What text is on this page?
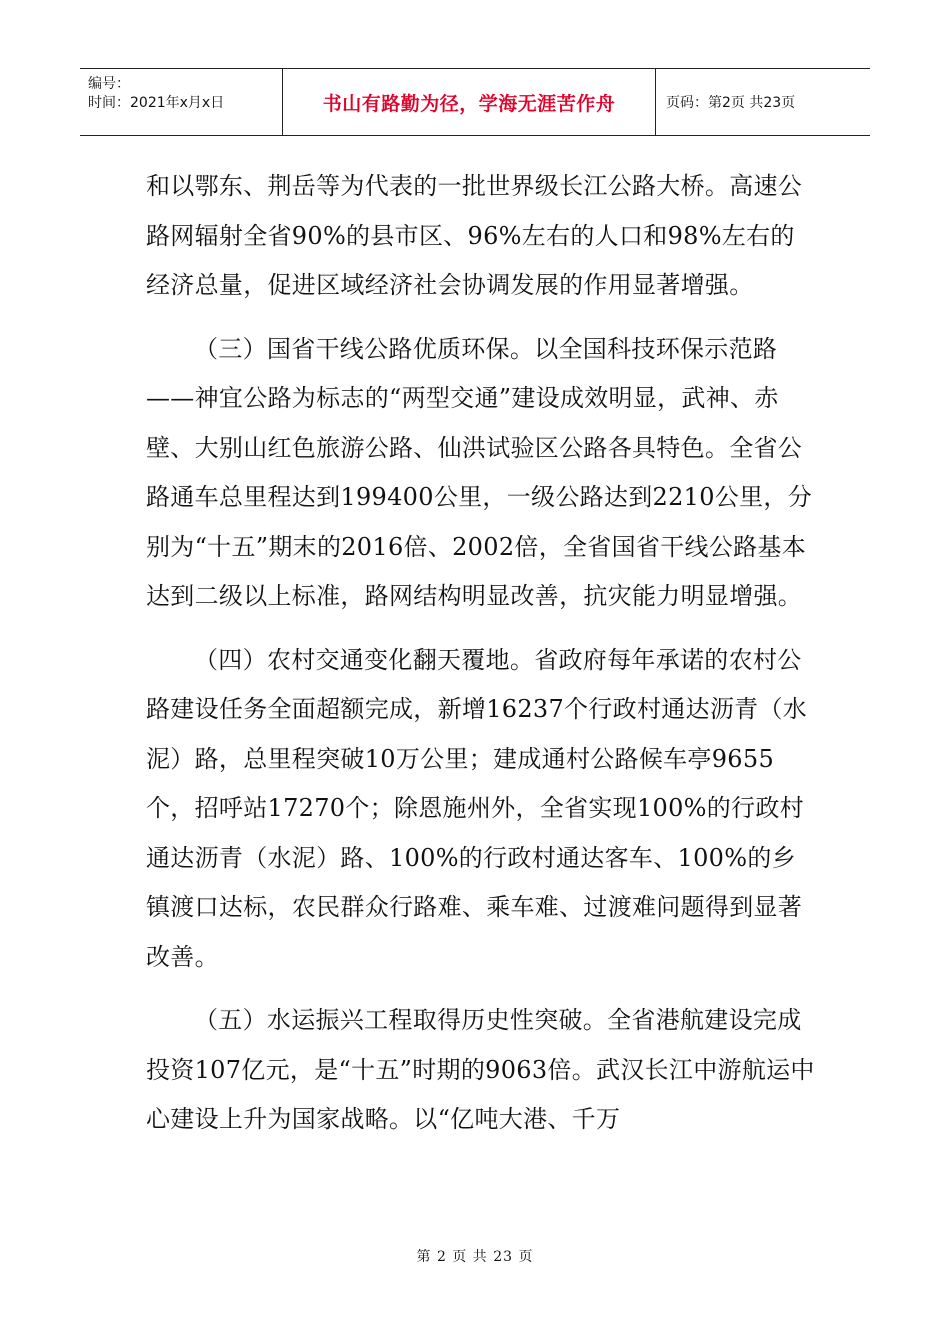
编号：
时间：2021年x月x日	书山有路勤为径，学海无涯苦作舟	页码：第2页 共23页

和以鄂东、荆岳等为代表的一批世界级长江公路大桥。高速公路网辐射全省90%的县市区、96%左右的人口和98%左右的经济总量，促进区域经济社会协调发展的作用显著增强。

（三）国省干线公路优质环保。以全国科技环保示范路——神宜公路为标志的“两型交通”建设成效明显，武神、赤壁、大别山红色旅游公路、仙洪试验区公路各具特色。全省公路通车总里程达到199400公里，一级公路达到2210公里，分别为“十五”期末的2016倍、2002倍，全省国省干线公路基本达到二级以上标准，路网结构明显改善，抗灾能力明显增强。

（四）农村交通变化翻天覆地。省政府每年承诺的农村公路建设任务全面超额完成，新增16237个行政村通达沥青（水泥）路，总里程突破10万公里；建成通村公路候车亭9655个，招呼站17270个；除恩施州外，全省实现100%的行政村通达沥青（水泥）路、100%的行政村通达客车、100%的乡镇渡口达标，农民群众行路难、乘车难、过渡难问题得到显著改善。

（五）水运振兴工程取得历史性突破。全省港航建设完成投资107亿元，是“十五”时期的9063倍。武汉长江中游航运中心建设上升为国家战略。以“亿吨大港、千万

第 2 页 共 23 页
